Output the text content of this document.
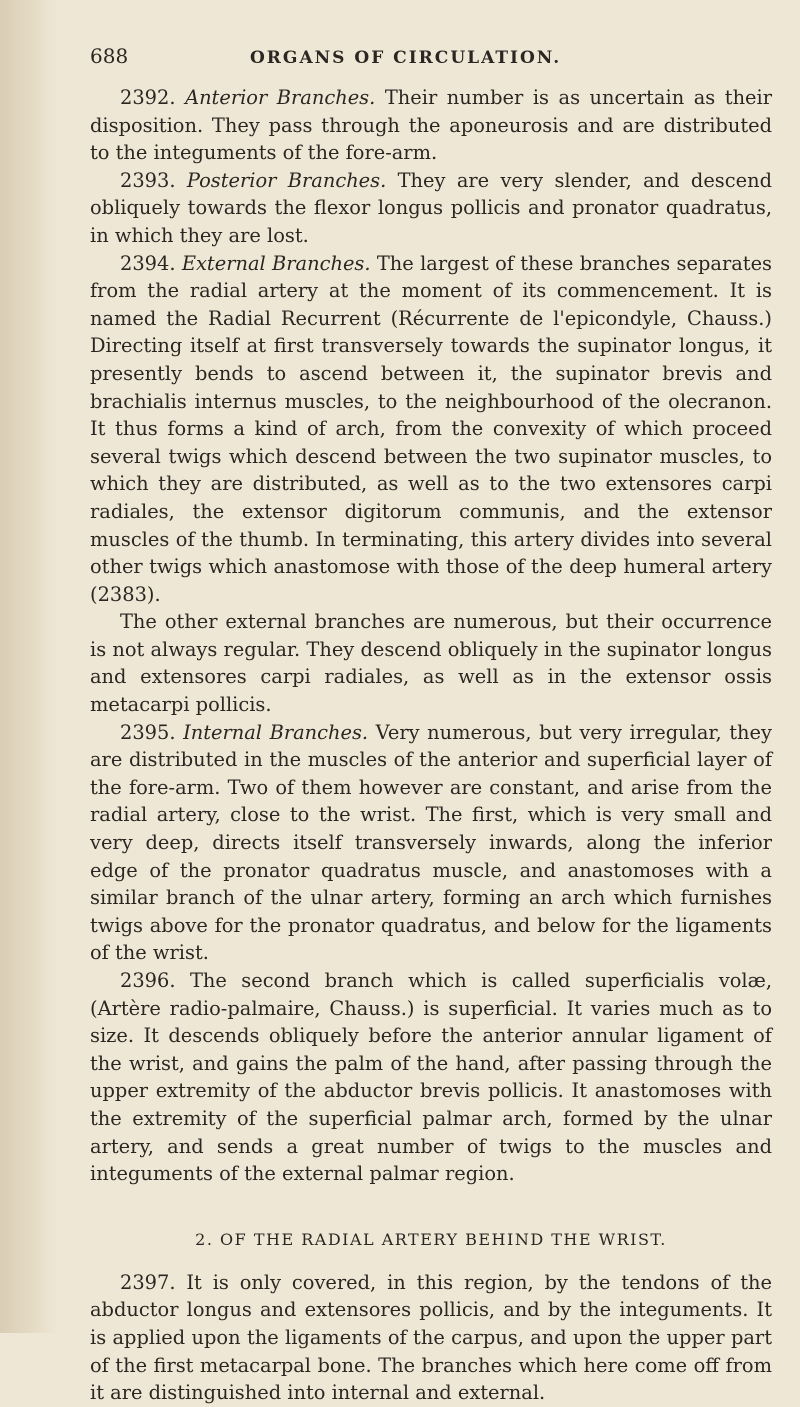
688	ORGANS OF CIRCULATION.

2392. Anterior Branches. Their number is as uncertain as their disposition. They pass through the aponeurosis and are distributed to the integuments of the fore-arm.

2393. Posterior Branches. They are very slender, and descend obliquely towards the flexor longus pollicis and pronator quadratus, in which they are lost.

2394. External Branches. The largest of these branches separates from the radial artery at the moment of its commencement. It is named the Radial Recurrent (Récurrente de l'epicondyle, Chauss.) Directing itself at first transversely towards the supinator longus, it presently bends to ascend between it, the supinator brevis and brachialis internus muscles, to the neighbourhood of the olecranon. It thus forms a kind of arch, from the convexity of which proceed several twigs which descend between the two supinator muscles, to which they are distributed, as well as to the two extensores carpi radiales, the extensor digitorum communis, and the extensor muscles of the thumb. In terminating, this artery divides into several other twigs which anastomose with those of the deep humeral artery (2383).

The other external branches are numerous, but their occurrence is not always regular. They descend obliquely in the supinator longus and extensores carpi radiales, as well as in the extensor ossis metacarpi pollicis.

2395. Internal Branches. Very numerous, but very irregular, they are distributed in the muscles of the anterior and superficial layer of the fore-arm. Two of them however are constant, and arise from the radial artery, close to the wrist. The first, which is very small and very deep, directs itself transversely inwards, along the inferior edge of the pronator quadratus muscle, and anastomoses with a similar branch of the ulnar artery, forming an arch which furnishes twigs above for the pronator quadratus, and below for the ligaments of the wrist.

2396. The second branch which is called superficialis volæ, (Artère radio-palmaire, Chauss.) is superficial. It varies much as to size. It descends obliquely before the anterior annular ligament of the wrist, and gains the palm of the hand, after passing through the upper extremity of the abductor brevis pollicis. It anastomoses with the extremity of the superficial palmar arch, formed by the ulnar artery, and sends a great number of twigs to the muscles and integuments of the external palmar region.

2. OF THE RADIAL ARTERY BEHIND THE WRIST.

2397. It is only covered, in this region, by the tendons of the abductor longus and extensores pollicis, and by the integuments. It is applied upon the ligaments of the carpus, and upon the upper part of the first metacarpal bone. The branches which here come off from it are distinguished into internal and external.
